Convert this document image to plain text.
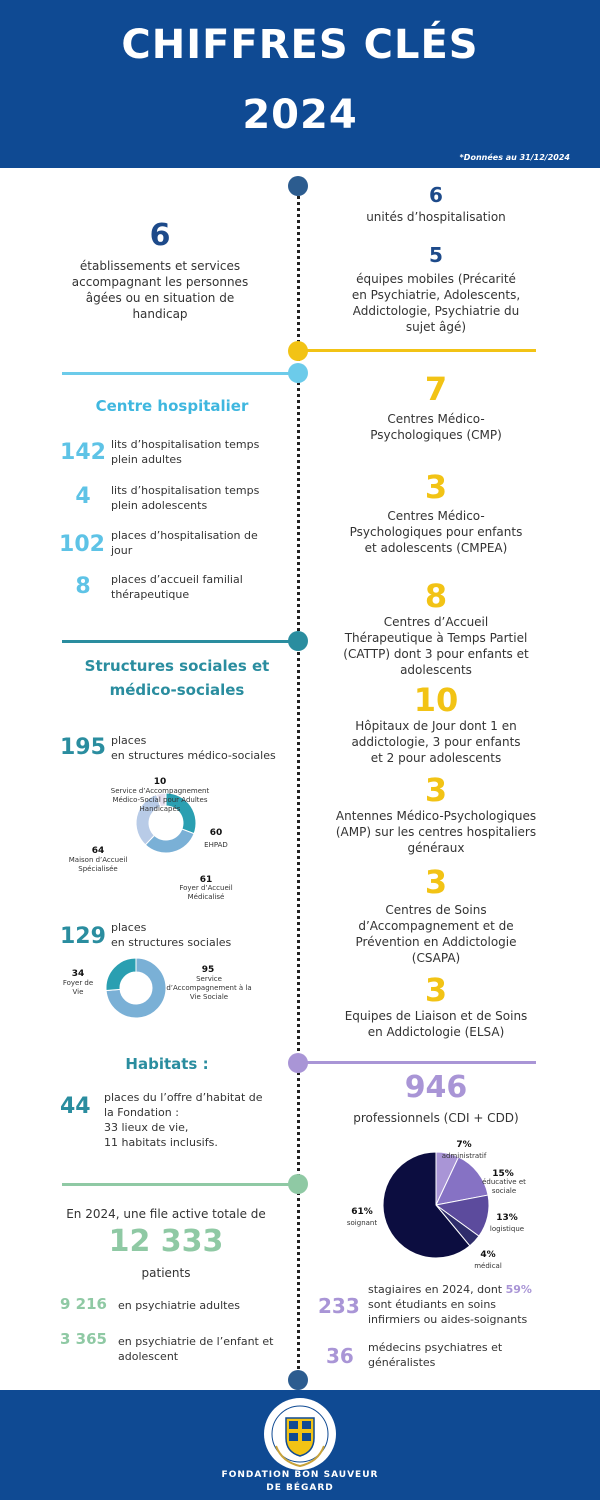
CHIFFRES CLÉS
2024
*Données au 31/12/2024
6
établissements et services accompagnant les personnes âgées ou en situation de handicap
6
unités d’hospitalisation
5
équipes mobiles (Précarité en Psychiatrie, Adolescents, Addictologie, Psychiatrie du sujet âgé)
Centre hospitalier
142 lits d’hospitalisation temps plein adultes
4	lits d’hospitalisation temps plein adolescents
102 places d’hospitalisation de jour
8	places d’accueil familial thérapeutique
7
Centres Médico-Psychologiques (CMP)
3
Centres Médico-Psychologiques pour enfants et adolescents (CMPEA)
8
Centres d’Accueil Thérapeutique à Temps Partiel (CATTP) dont 3 pour enfants et adolescents
10
Hôpitaux de Jour dont 1 en addictologie, 3 pour enfants et 2 pour adolescents
3
Antennes Médico-Psychologiques (AMP) sur les centres hospitaliers généraux
3
Centres de Soins d’Accompagnement et de Prévention en Addictologie (CSAPA)
3
Equipes de Liaison et de Soins en Addictologie (ELSA)
Structures sociales et
médico-sociales
195 places
en structures médico-sociales
10
Service d’Accompagnement Médico-Social pour Adultes Handicapés
60
EHPAD
61
Foyer d’Accueil Médicalisé
64
Maison d’Accueil Spécialisée
129 places
en structures sociales
95
Service d’Accompagnement à la Vie Sociale
34
Foyer de Vie
Habitats :
44 places du l’offre d’habitat de
la Fondation :
33 lieux de vie,
11 habitats inclusifs.
946
professionnels (CDI + CDD)
7%
administratif
15%
éducative et sociale
13%
logistique
4%
médical
61%
soignant
En 2024, une file active totale de
12 333
patients
9 216 en psychiatrie adultes
3 365 en psychiatrie de l’enfant et
adolescent
233
stagiaires en 2024, dont 59%
sont étudiants en soins
infirmiers ou aides-soignants
36 médecins psychiatres et
généralistes
FONDATION BON SAUVEUR
DE BÉGARD
